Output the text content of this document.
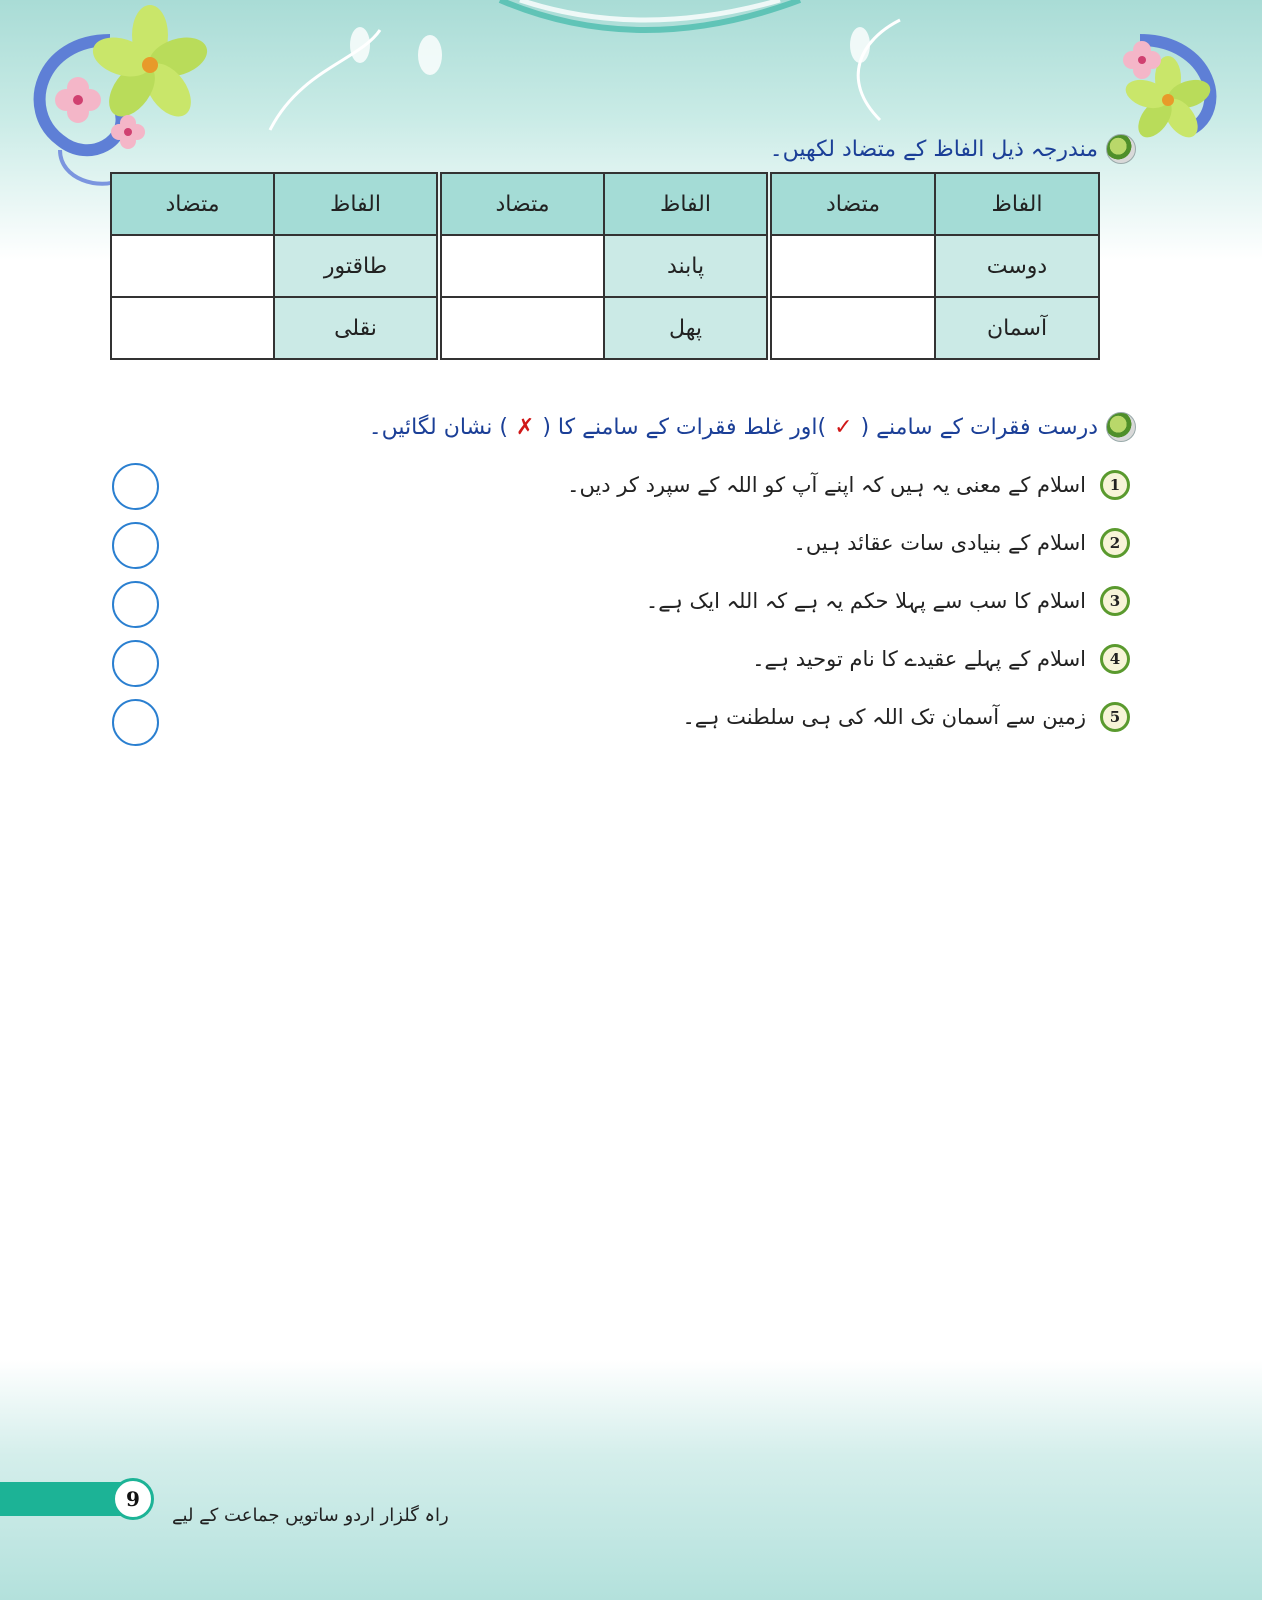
مندرجہ ذیل الفاظ کے متضاد لکھیں۔
الفاظ
دوست
آسمان
متضاد
الفاظ
پابند
پھل
متضاد
الفاظ
طاقتور
نقلی
متضاد
درست فقرات کے سامنے (
✓
)اور غلط فقرات کے سامنے کا (
✗
) نشان لگائیں۔
1
اسلام کے معنی یہ ہیں کہ اپنے آپ کو اللہ کے سپرد کر دیں۔
2
اسلام کے بنیادی سات عقائد ہیں۔
3
اسلام کا سب سے پہلا حکم یہ ہے کہ اللہ ایک ہے۔
4
اسلام کے پہلے عقیدے کا نام توحید ہے۔
5
زمین سے آسمان تک اللہ کی ہی سلطنت ہے۔
9
راہ گلزار اردو ساتویں جماعت کے لیے
